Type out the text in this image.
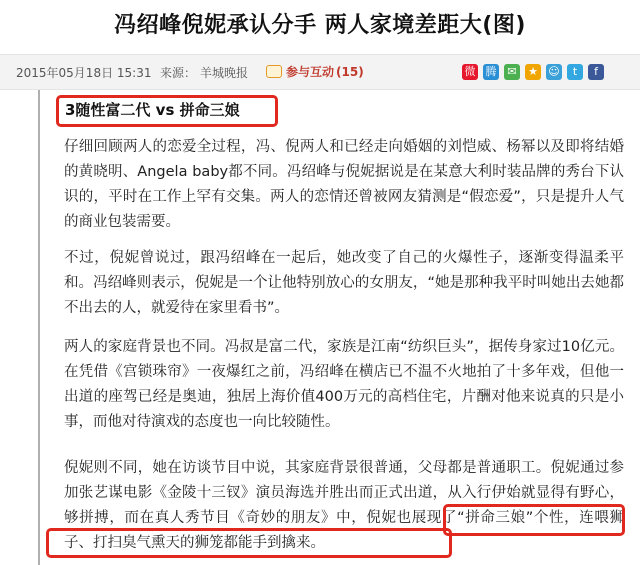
冯绍峰倪妮承认分手 两人家境差距大(图)
2015年05月18日 15:31 来源： 羊城晚报	参与互动 (15)	微 腾 ✉	★ ☺	t	f
3随性富二代 vs 拼命三娘

仔细回顾两人的恋爱全过程，冯、倪两人和已经走向婚姻的刘恺威、杨幂以及即将结婚的黄晓明、Angela baby都不同。冯绍峰与倪妮据说是在某意大利时装品牌的秀台下认识的，平时在工作上罕有交集。两人的恋情还曾被网友猜测是“假恋爱”，只是提升人气的商业包装需要。

不过，倪妮曾说过，跟冯绍峰在一起后，她改变了自己的火爆性子，逐渐变得温柔平和。冯绍峰则表示，倪妮是一个让他特别放心的女朋友，“她是那种我平时叫她出去她都不出去的人，就爱待在家里看书”。

两人的家庭背景也不同。冯叔是富二代，家族是江南“纺织巨头”，据传身家过10亿元。在凭借《宫锁珠帘》一夜爆红之前，冯绍峰在横店已不温不火地拍了十多年戏，但他一出道的座驾已经是奥迪，独居上海价值400万元的高档住宅，片酬对他来说真的只是小事，而他对待演戏的态度也一向比较随性。

倪妮则不同，她在访谈节目中说，其家庭背景很普通，父母都是普通职工。倪妮通过参加张艺谋电影《金陵十三钗》演员海选并胜出而正式出道，从入行伊始就显得有野心，够拼搏，而在真人秀节目《奇妙的朋友》中，倪妮也展现了“拼命三娘”个性，连喂狮子、打扫臭气熏天的狮笼都能手到擒来。
